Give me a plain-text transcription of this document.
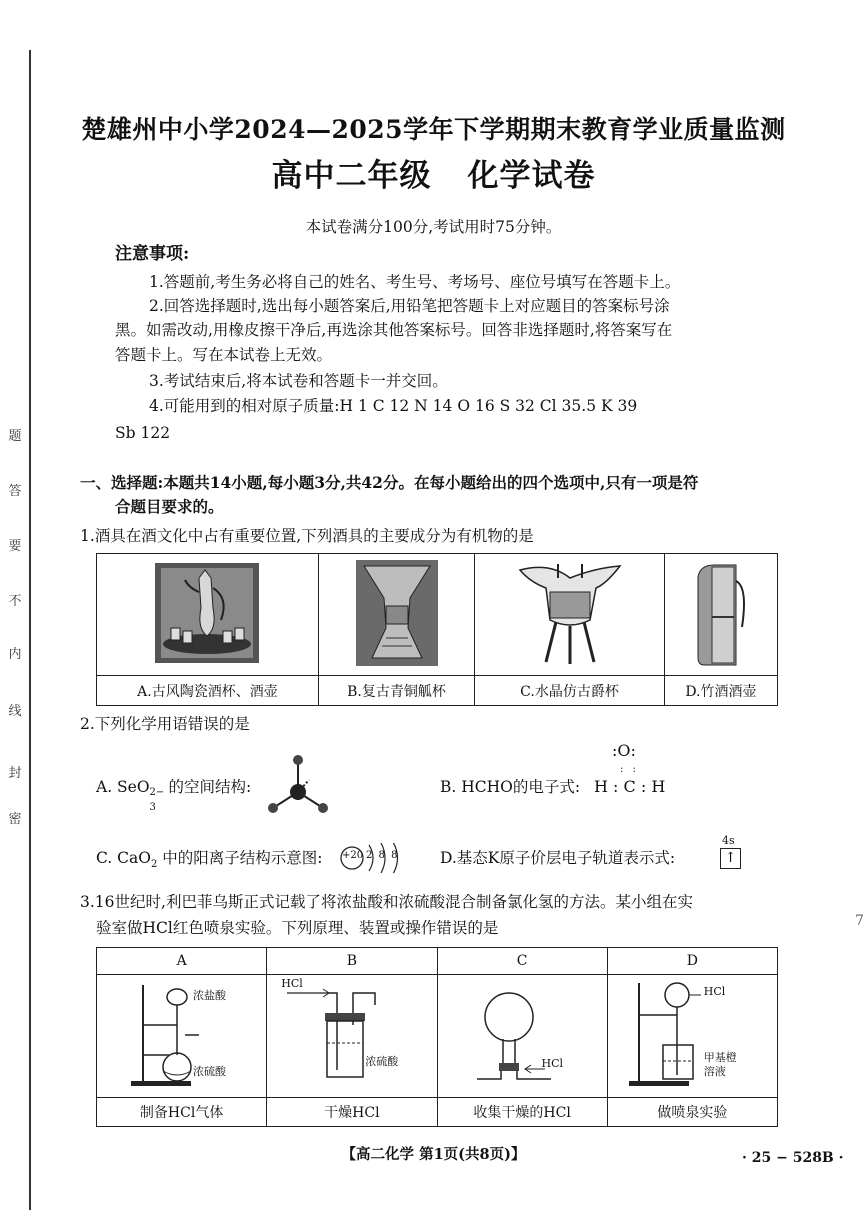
题
答
要
不
内
线
封
密
楚雄州中小学2024—2025学年下学期期末教育学业质量监测
高中二年级 化学试卷
本试卷满分100分,考试用时75分钟。
注意事项:
1.答题前,考生务必将自己的姓名、考生号、考场号、座位号填写在答题卡上。
2.回答选择题时,选出每小题答案后,用铅笔把答题卡上对应题目的答案标号涂
黑。如需改动,用橡皮擦干净后,再选涂其他答案标号。回答非选择题时,将答案写在
答题卡上。写在本试卷上无效。
3.考试结束后,将本试卷和答题卡一并交回。
4.可能用到的相对原子质量:H 1 C 12 N 14 O 16 S 32 Cl 35.5 K 39
Sb 122
一、选择题:本题共14小题,每小题3分,共42分。在每小题给出的四个选项中,只有一项是符
合题目要求的。
1.酒具在酒文化中占有重要位置,下列酒具的主要成分为有机物的是

A.古风陶瓷酒杯、酒壶	B.复古青铜觚杯	C.水晶仿古爵杯	D.竹酒酒壶
2.下列化学用语错误的是
A. SeO 2−
3
的空间结构:	B. HCHO的电子式:
:O:
: :
H : C : H
C. CaO$_2$ 中的阳离子结构示意图: +20 2 8 8	D.基态K原子价层电子轨道表示式:
4s
↑
3.16世纪时,利巴菲乌斯正式记载了将浓盐酸和浓硫酸混合制备氯化氢的方法。某小组在实
验室做HCl红色喷泉实验。下列原理、装置或操作错误的是	7
A	B	C	D

浓盐酸
浓硫酸	HCl
浓硫酸	HCl	HCl
甲基橙
溶液

制备HCl气体	干燥HCl	收集干燥的HCl	做喷泉实验
【高二化学 第1页(共8页)】	· 25 − 528B ·
